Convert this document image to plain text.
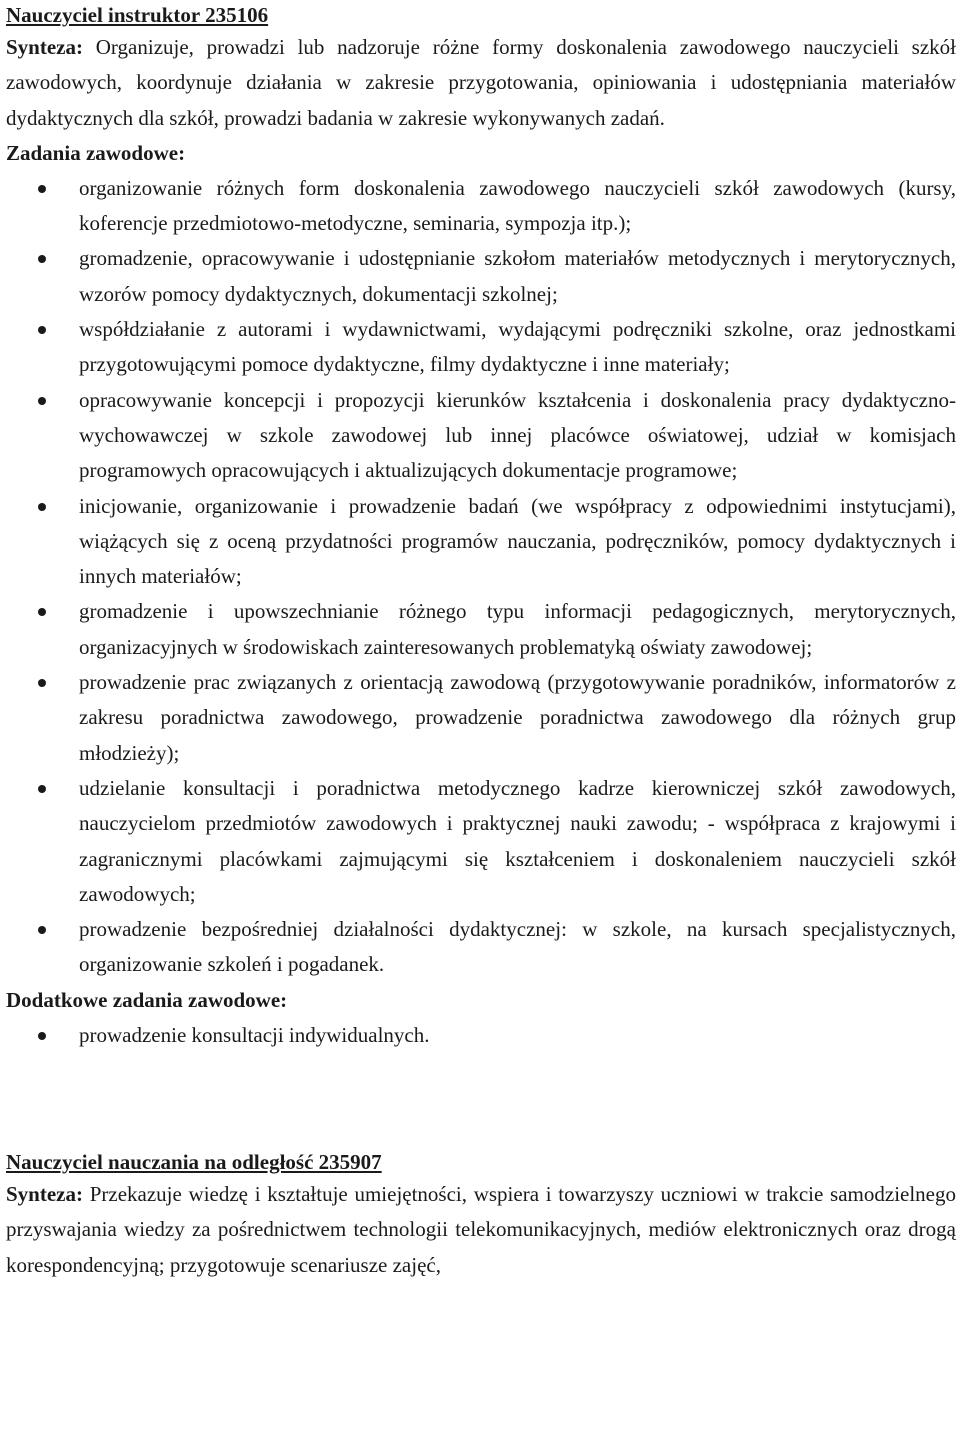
Nauczyciel instruktor 235106

Synteza: Organizuje, prowadzi lub nadzoruje różne formy doskonalenia zawodowego nauczycieli szkół zawodowych, koordynuje działania w zakresie przygotowania, opiniowania i udostępniania materiałów dydaktycznych dla szkół, prowadzi badania w zakresie wykonywanych zadań.

Zadania zawodowe:

organizowanie różnych form doskonalenia zawodowego nauczycieli szkół zawodowych (kursy, koferencje przedmiotowo-metodyczne, seminaria, sympozja itp.);
gromadzenie, opracowywanie i udostępnianie szkołom materiałów metodycznych i merytorycznych, wzorów pomocy dydaktycznych, dokumentacji szkolnej;
współdziałanie z autorami i wydawnictwami, wydającymi podręczniki szkolne, oraz jednostkami przygotowującymi pomoce dydaktyczne, filmy dydaktyczne i inne materiały;
opracowywanie koncepcji i propozycji kierunków kształcenia i doskonalenia pracy dydaktyczno-wychowawczej w szkole zawodowej lub innej placówce oświatowej, udział w komisjach programowych opracowujących i aktualizujących dokumentacje programowe;
inicjowanie, organizowanie i prowadzenie badań (we współpracy z odpowiednimi instytucjami), wiążących się z oceną przydatności programów nauczania, podręczników, pomocy dydaktycznych i innych materiałów;
gromadzenie i upowszechnianie różnego typu informacji pedagogicznych, merytorycznych, organizacyjnych w środowiskach zainteresowanych problematyką oświaty zawodowej;
prowadzenie prac związanych z orientacją zawodową (przygotowywanie poradników, informatorów z zakresu poradnictwa zawodowego, prowadzenie poradnictwa zawodowego dla różnych grup młodzieży);
udzielanie konsultacji i poradnictwa metodycznego kadrze kierowniczej szkół zawodowych, nauczycielom przedmiotów zawodowych i praktycznej nauki zawodu; - współpraca z krajowymi i zagranicznymi placówkami zajmującymi się kształceniem i doskonaleniem nauczycieli szkół zawodowych;
prowadzenie bezpośredniej działalności dydaktycznej: w szkole, na kursach specjalistycznych, organizowanie szkoleń i pogadanek.

Dodatkowe zadania zawodowe:

prowadzenie konsultacji indywidualnych.
Nauczyciel nauczania na odległość 235907

Synteza: Przekazuje wiedzę i kształtuje umiejętności, wspiera i towarzyszy uczniowi w trakcie samodzielnego przyswajania wiedzy za pośrednictwem technologii telekomunikacyjnych, mediów elektronicznych oraz drogą korespondencyjną; przygotowuje scenariusze zajęć,
